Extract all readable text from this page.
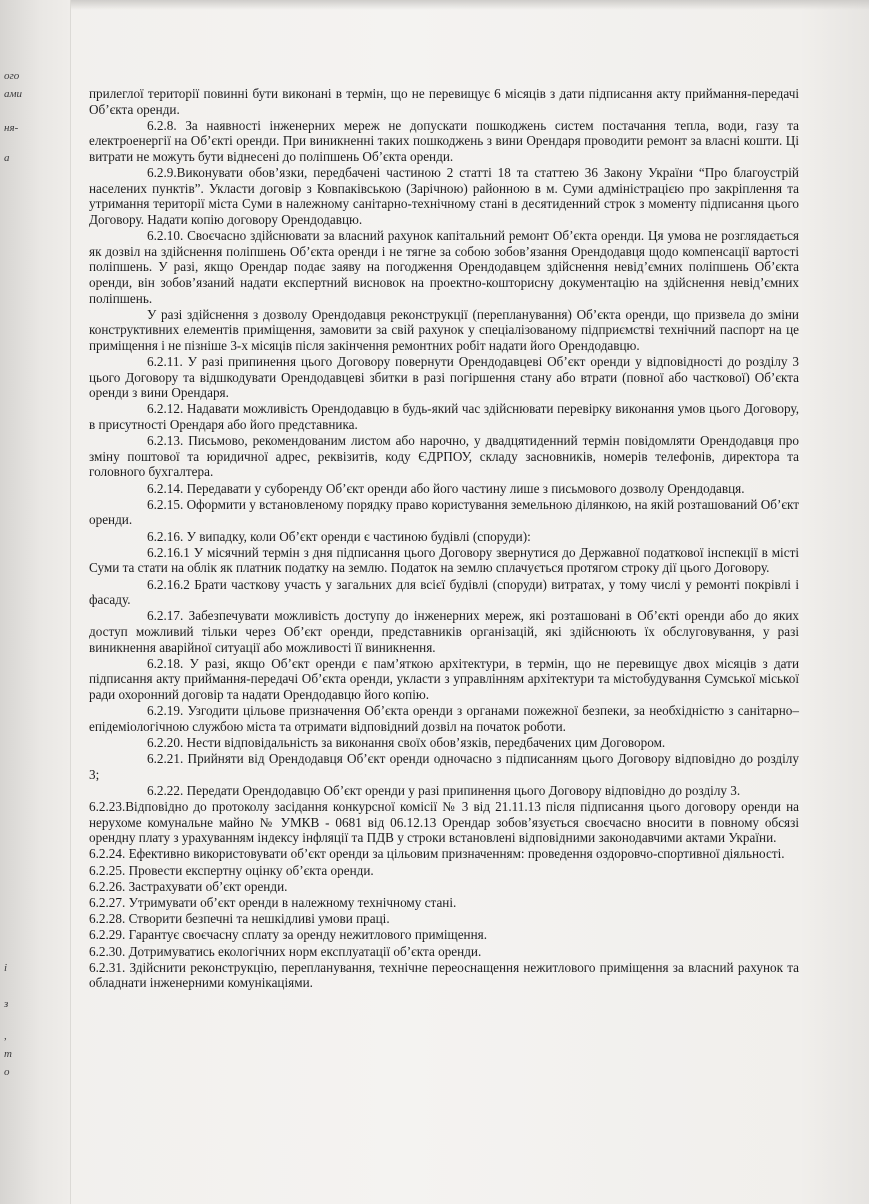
ого
ами
ня-
а
і
з
,
т
о

прилеглої території повинні бути виконані в термін, що не перевищує 6 місяців з дати підписання акту приймання-передачі Об’єкта оренди.

6.2.8. За наявності інженерних мереж не допускати пошкоджень систем постачання тепла, води, газу та електроенергії на Об’єкті оренди. При виникненні таких пошкоджень з вини Орендаря проводити ремонт за власні кошти. Ці витрати не можуть бути віднесені до поліпшень Об’єкта оренди.

6.2.9.Виконувати обов’язки, передбачені частиною 2 статті 18 та статтею 36 Закону України “Про благоустрій населених пунктів”. Укласти договір з Ковпаківською (Зарічною) районною в м. Суми адміністрацією про закріплення та утримання території міста Суми в належному санітарно-технічному стані в десятиденний строк з моменту підписання цього Договору. Надати копію договору Орендодавцю.

6.2.10. Своєчасно здійснювати за власний рахунок капітальний ремонт Об’єкта оренди. Ця умова не розглядається як дозвіл на здійснення поліпшень Об’єкта оренди і не тягне за собою зобов’язання Орендодавця щодо компенсації вартості поліпшень. У разі, якщо Орендар подає заяву на погодження Орендодавцем здійснення невід’ємних поліпшень Об’єкта оренди, він зобов’язаний надати експертний висновок на проектно-кошторисну документацію на здійснення невід’ємних поліпшень.

У разі здійснення з дозволу Орендодавця реконструкції (перепланування) Об’єкта оренди, що призвела до зміни конструктивних елементів приміщення, замовити за свій рахунок у спеціалізованому підприємстві технічний паспорт на це приміщення і не пізніше 3-х місяців після закінчення ремонтних робіт надати його Орендодавцю.

6.2.11. У разі припинення цього Договору повернути Орендодавцеві Об’єкт оренди у відповідності до розділу 3 цього Договору та відшкодувати Орендодавцеві збитки в разі погіршення стану або втрати (повної або часткової) Об’єкта оренди з вини Орендаря.

6.2.12. Надавати можливість Орендодавцю в будь-який час здійснювати перевірку виконання умов цього Договору, в присутності Орендаря або його представника.

6.2.13. Письмово, рекомендованим листом або нарочно, у двадцятиденний термін повідомляти Орендодавця про зміну поштової та юридичної адрес, реквізитів, коду ЄДРПОУ, складу засновників, номерів телефонів, директора та головного бухгалтера.

6.2.14. Передавати у суборенду Об’єкт оренди або його частину лише з письмового дозволу Орендодавця.

6.2.15. Оформити у встановленому порядку право користування земельною ділянкою, на якій розташований Об’єкт оренди.

6.2.16. У випадку, коли Об’єкт оренди є частиною будівлі (споруди):

6.2.16.1 У місячний термін з дня підписання цього Договору звернутися до Державної податкової інспекції в місті Суми та стати на облік як платник податку на землю. Податок на землю сплачується протягом строку дії цього Договору.

6.2.16.2 Брати часткову участь у загальних для всієї будівлі (споруди) витратах, у тому числі у ремонті покрівлі і фасаду.

6.2.17. Забезпечувати можливість доступу до інженерних мереж, які розташовані в Об’єкті оренди або до яких доступ можливий тільки через Об’єкт оренди, представників організацій, які здійснюють їх обслуговування, у разі виникнення аварійної ситуації або можливості її виникнення.

6.2.18. У разі, якщо Об’єкт оренди є пам’яткою архітектури, в термін, що не перевищує двох місяців з дати підписання акту приймання-передачі Об’єкта оренди, укласти з управлінням архітектури та містобудування Сумської міської ради охоронний договір та надати Орендодавцю його копію.

6.2.19. Узгодити цільове призначення Об’єкта оренди з органами пожежної безпеки, за необхідністю з санітарно–епідеміологічною службою міста та отримати відповідний дозвіл на початок роботи.

6.2.20. Нести відповідальність за виконання своїх обов’язків, передбачених цим Договором.

6.2.21. Прийняти від Орендодавця Об’єкт оренди одночасно з підписанням цього Договору відповідно до розділу 3;

6.2.22. Передати Орендодавцю Об’єкт оренди у разі припинення цього Договору відповідно до розділу 3.

6.2.23.Відповідно до протоколу засідання конкурсної комісії № 3 від 21.11.13 після підписання цього договору оренди на нерухоме комунальне майно № УМКВ - 0681 від 06.12.13 Орендар зобов’язується своєчасно вносити в повному обсязі орендну плату з урахуванням індексу інфляції та ПДВ у строки встановлені відповідними законодавчими актами України.

6.2.24. Ефективно використовувати об’єкт оренди за цільовим призначенням: проведення оздоровчо-спортивної діяльності.

6.2.25. Провести експертну оцінку об’єкта оренди.

6.2.26. Застрахувати об’єкт оренди.

6.2.27. Утримувати об’єкт оренди в належному технічному стані.

6.2.28. Створити безпечні та нешкідливі умови праці.

6.2.29. Гарантує своєчасну сплату за оренду нежитлового приміщення.

6.2.30. Дотримуватись екологічних норм експлуатації об’єкта оренди.

6.2.31. Здійснити реконструкцію, перепланування, технічне переоснащення нежитлового приміщення за власний рахунок та обладнати інженерними комунікаціями.
